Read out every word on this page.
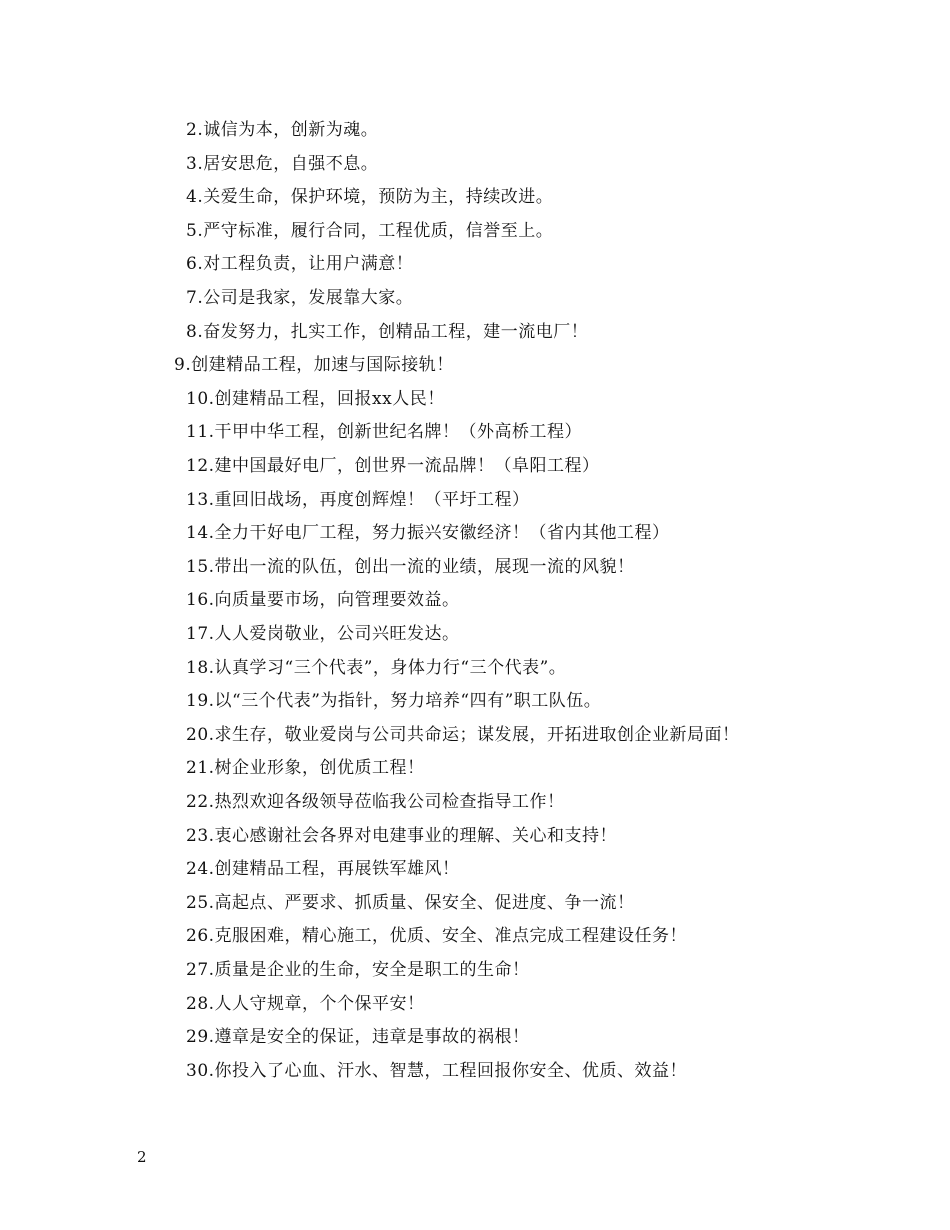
2.诚信为本，创新为魂。
3.居安思危，自强不息。
4.关爱生命，保护环境，预防为主，持续改进。
5.严守标准，履行合同，工程优质，信誉至上。
6.对工程负责，让用户满意！
7.公司是我家，发展靠大家。
8.奋发努力，扎实工作，创精品工程，建一流电厂！
9.创建精品工程，加速与国际接轨！
10.创建精品工程，回报xx人民！
11.干甲中华工程，创新世纪名牌！（外高桥工程）
12.建中国最好电厂，创世界一流品牌！（阜阳工程）
13.重回旧战场，再度创辉煌！（平圩工程）
14.全力干好电厂工程，努力振兴安徽经济！（省内其他工程）
15.带出一流的队伍，创出一流的业绩，展现一流的风貌！
16.向质量要市场，向管理要效益。
17.人人爱岗敬业，公司兴旺发达。
18.认真学习“三个代表”，身体力行“三个代表”。
19.以“三个代表”为指针，努力培养“四有”职工队伍。
20.求生存，敬业爱岗与公司共命运；谋发展，开拓进取创企业新局面！
21.树企业形象，创优质工程！
22.热烈欢迎各级领导莅临我公司检查指导工作！
23.衷心感谢社会各界对电建事业的理解、关心和支持！
24.创建精品工程，再展铁军雄风！
25.高起点、严要求、抓质量、保安全、促进度、争一流！
26.克服困难，精心施工，优质、安全、准点完成工程建设任务！
27.质量是企业的生命，安全是职工的生命！
28.人人守规章，个个保平安！
29.遵章是安全的保证，违章是事故的祸根！
30.你投入了心血、汗水、智慧，工程回报你安全、优质、效益！
2
